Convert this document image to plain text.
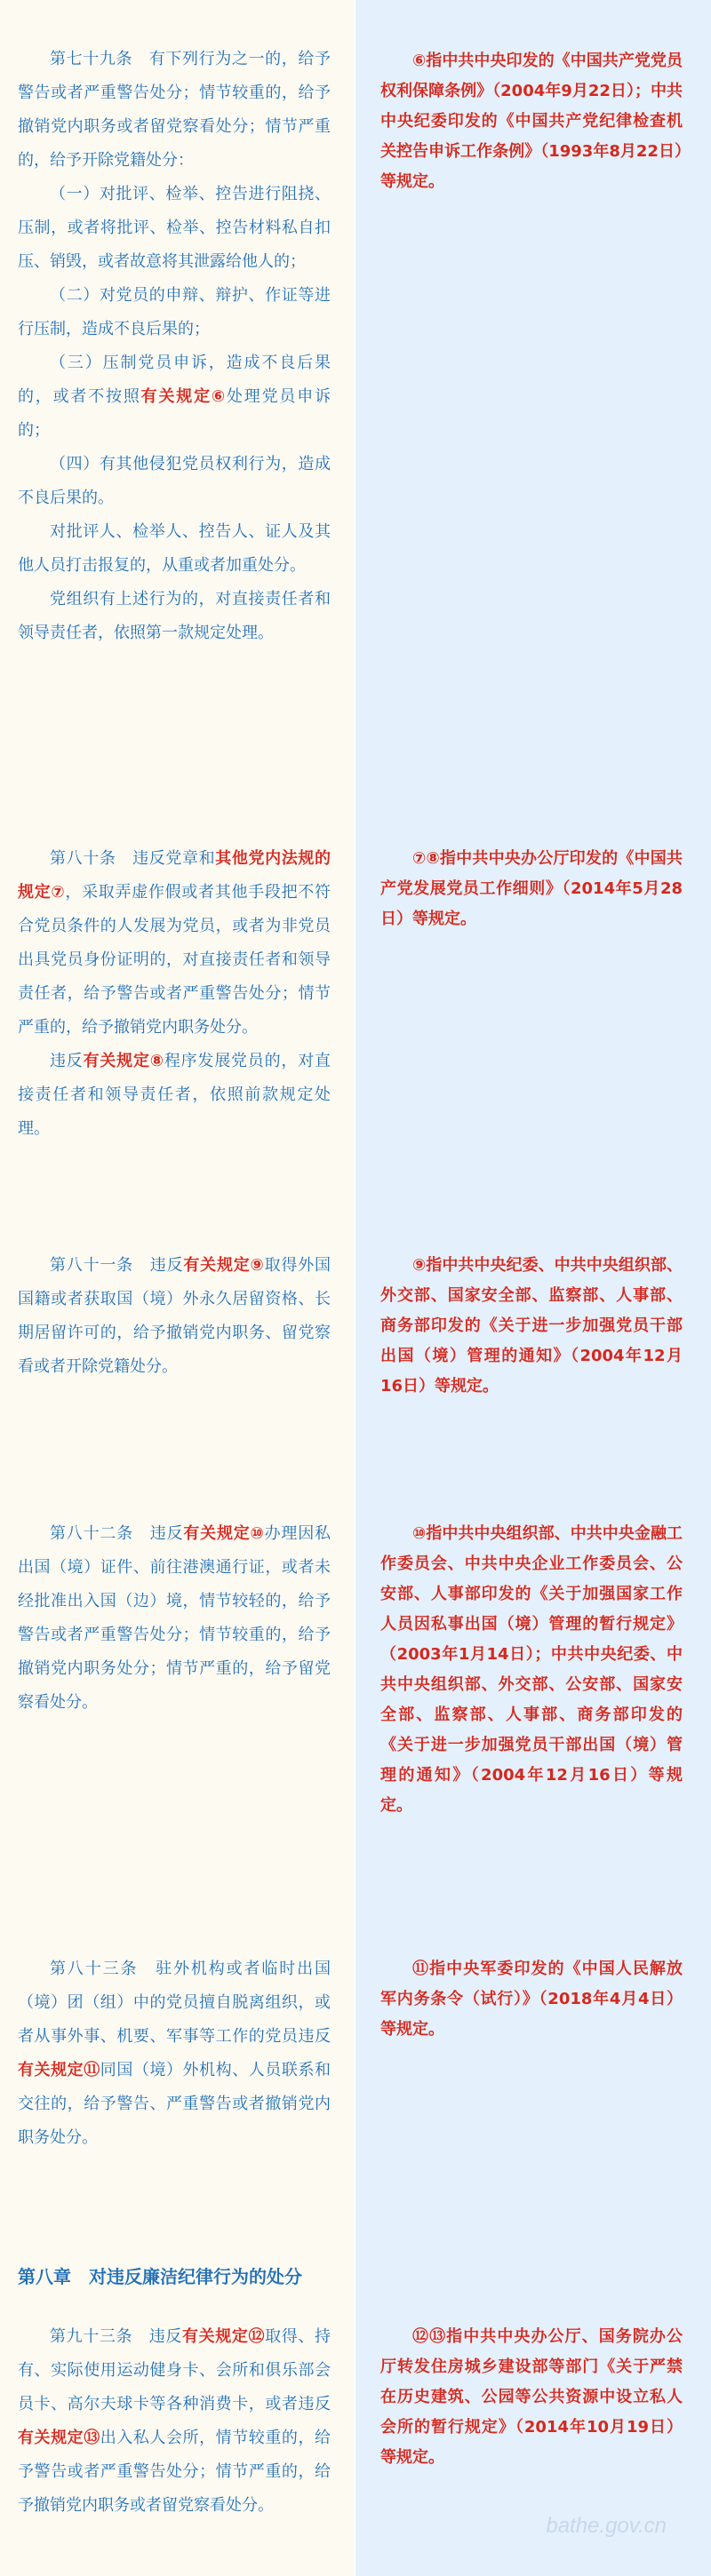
第七十九条　有下列行为之一的，给予警告或者严重警告处分；情节较重的，给予撤销党内职务或者留党察看处分；情节严重的，给予开除党籍处分：

（一）对批评、检举、控告进行阻挠、压制，或者将批评、检举、控告材料私自扣压、销毁，或者故意将其泄露给他人的；

（二）对党员的申辩、辩护、作证等进行压制，造成不良后果的；

（三）压制党员申诉，造成不良后果的，或者不按照有关规定⑥处理党员申诉的；

（四）有其他侵犯党员权利行为，造成不良后果的。

对批评人、检举人、控告人、证人及其他人员打击报复的，从重或者加重处分。

党组织有上述行为的，对直接责任者和领导责任者，依照第一款规定处理。

⑥指中共中央印发的《中国共产党党员权利保障条例》（2004年9月22日）；中共中央纪委印发的《中国共产党纪律检查机关控告申诉工作条例》（1993年8月22日）等规定。

第八十条　违反党章和其他党内法规的规定⑦，采取弄虚作假或者其他手段把不符合党员条件的人发展为党员，或者为非党员出具党员身份证明的，对直接责任者和领导责任者，给予警告或者严重警告处分；情节严重的，给予撤销党内职务处分。

违反有关规定⑧程序发展党员的，对直接责任者和领导责任者，依照前款规定处理。

⑦⑧指中共中央办公厅印发的《中国共产党发展党员工作细则》（2014年5月28日）等规定。

第八十一条　违反有关规定⑨取得外国国籍或者获取国（境）外永久居留资格、长期居留许可的，给予撤销党内职务、留党察看或者开除党籍处分。

⑨指中共中央纪委、中共中央组织部、外交部、国家安全部、监察部、人事部、商务部印发的《关于进一步加强党员干部出国（境）管理的通知》（2004年12月16日）等规定。

第八十二条　违反有关规定⑩办理因私出国（境）证件、前往港澳通行证，或者未经批准出入国（边）境，情节较轻的，给予警告或者严重警告处分；情节较重的，给予撤销党内职务处分；情节严重的，给予留党察看处分。

⑩指中共中央组织部、中共中央金融工作委员会、中共中央企业工作委员会、公安部、人事部印发的《关于加强国家工作人员因私事出国（境）管理的暂行规定》（2003年1月14日）；中共中央纪委、中共中央组织部、外交部、公安部、国家安全部、监察部、人事部、商务部印发的《关于进一步加强党员干部出国（境）管理的通知》（2004年12月16日）等规定。

第八十三条　驻外机构或者临时出国（境）团（组）中的党员擅自脱离组织，或者从事外事、机要、军事等工作的党员违反有关规定⑪同国（境）外机构、人员联系和交往的，给予警告、严重警告或者撤销党内职务处分。

⑪指中央军委印发的《中国人民解放军内务条令（试行）》（2018年4月4日）等规定。

第八章　对违反廉洁纪律行为的处分

第九十三条　违反有关规定⑫取得、持有、实际使用运动健身卡、会所和俱乐部会员卡、高尔夫球卡等各种消费卡，或者违反有关规定⑬出入私人会所，情节较重的，给予警告或者严重警告处分；情节严重的，给予撤销党内职务或者留党察看处分。

⑫⑬指中共中央办公厅、国务院办公厅转发住房城乡建设部等部门《关于严禁在历史建筑、公园等公共资源中设立私人会所的暂行规定》（2014年10月19日）等规定。

bathe.gov.cn
